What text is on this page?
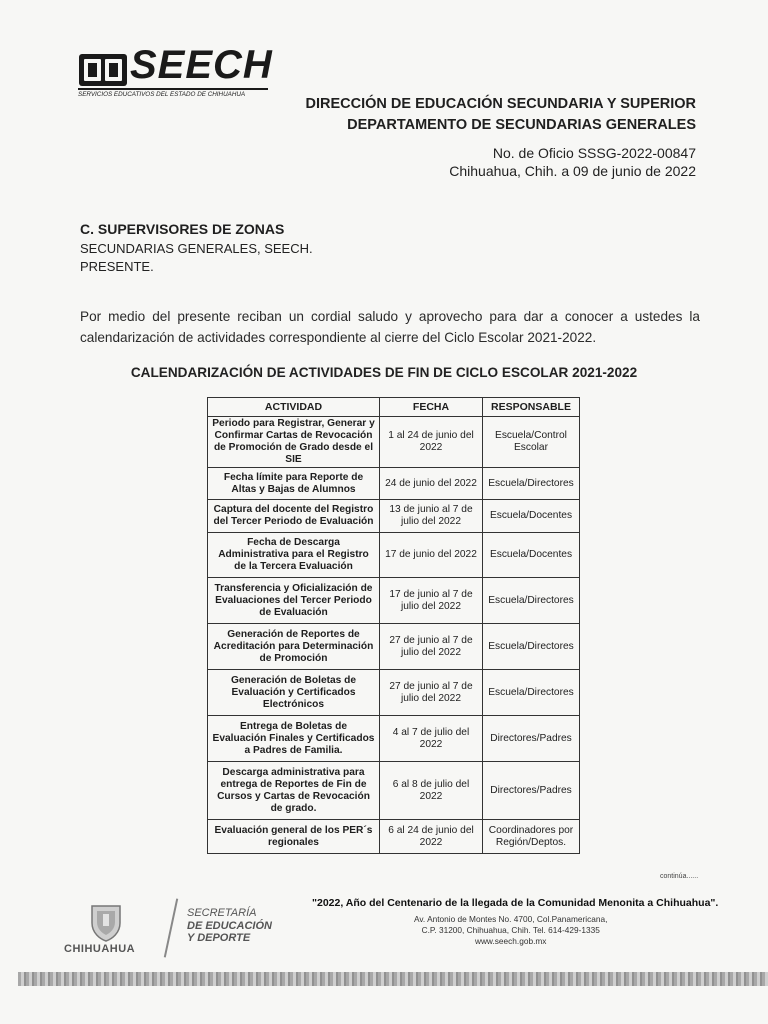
SEECH
SERVICIOS EDUCATIVOS DEL ESTADO DE CHIHUAHUA
DIRECCIÓN DE EDUCACIÓN SECUNDARIA Y SUPERIOR
DEPARTAMENTO DE SECUNDARIAS GENERALES
No. de Oficio SSSG-2022-00847
Chihuahua, Chih. a 09 de junio de 2022
C. SUPERVISORES DE ZONAS
SECUNDARIAS GENERALES, SEECH.
PRESENTE.
Por medio del presente reciban un cordial saludo y aprovecho para dar a conocer a ustedes la calendarización de actividades correspondiente al cierre del Ciclo Escolar 2021-2022.
CALENDARIZACIÓN DE ACTIVIDADES DE FIN DE CICLO ESCOLAR 2021-2022
ACTIVIDAD	FECHA	RESPONSABLE
Periodo para Registrar, Generar y Confirmar Cartas de Revocación de Promoción de Grado desde el SIE	1 al 24 de junio del 2022	Escuela/Control Escolar
Fecha límite para Reporte de Altas y Bajas de Alumnos	24 de junio del 2022	Escuela/Directores
Captura del docente del Registro del Tercer Periodo de Evaluación	13 de junio al 7 de julio del 2022	Escuela/Docentes
Fecha de Descarga Administrativa para el Registro de la Tercera Evaluación	17 de junio del 2022	Escuela/Docentes
Transferencia y Oficialización de Evaluaciones del Tercer Periodo de Evaluación	17 de junio al 7 de julio del 2022	Escuela/Directores
Generación de Reportes de Acreditación para Determinación de Promoción	27 de junio al 7 de julio del 2022	Escuela/Directores
Generación de Boletas de Evaluación y Certificados Electrónicos	27 de junio al 7 de julio del 2022	Escuela/Directores
Entrega de Boletas de Evaluación Finales y Certificados a Padres de Familia.	4 al 7 de julio del 2022	Directores/Padres
Descarga administrativa para entrega de Reportes de Fin de Cursos y Cartas de Revocación de grado.	6 al 8 de julio del 2022	Directores/Padres
Evaluación general de los PER´s regionales	6 al 24 de junio del 2022	Coordinadores por Región/Deptos.
continúa......
CHIHUAHUA
SECRETARÍA
DE EDUCACIÓN
Y DEPORTE
"2022, Año del Centenario de la llegada de la Comunidad Menonita a Chihuahua".
Av. Antonio de Montes No. 4700, Col.Panamericana,
C.P. 31200, Chihuahua, Chih. Tel. 614-429-1335
www.seech.gob.mx
